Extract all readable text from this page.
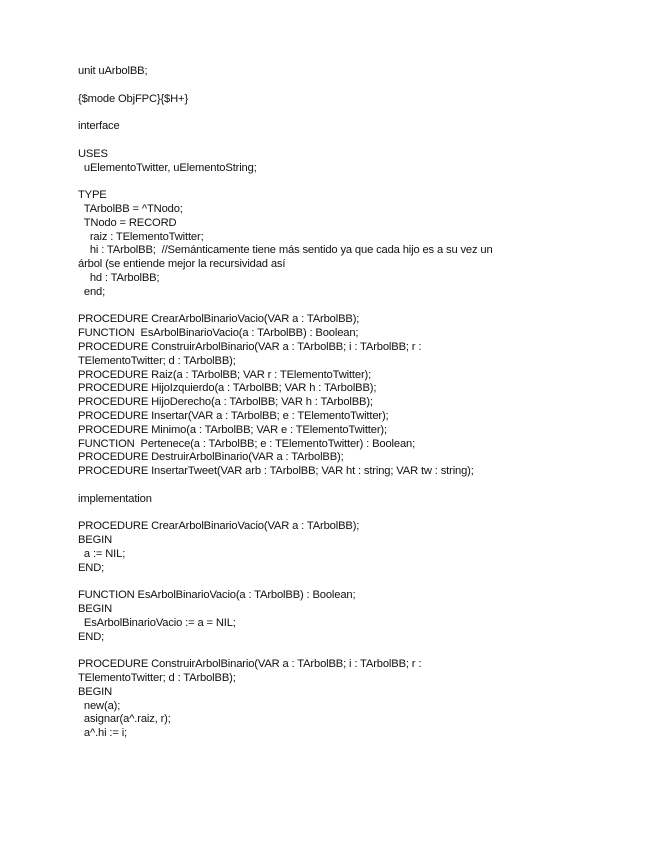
unit uArbolBB;
{$mode ObjFPC}{$H+}
interface
USES
uElementoTwitter, uElementoString;
TYPE
TArbolBB = ^TNodo;
TNodo = RECORD
raiz : TElementoTwitter;
hi : TArbolBB;  //Semánticamente tiene más sentido ya que cada hijo es a su vez un
árbol (se entiende mejor la recursividad así
hd : TArbolBB;
end;
PROCEDURE CrearArbolBinarioVacio(VAR a : TArbolBB);
FUNCTION  EsArbolBinarioVacio(a : TArbolBB) : Boolean;
PROCEDURE ConstruirArbolBinario(VAR a : TArbolBB; i : TArbolBB; r :
TElementoTwitter; d : TArbolBB);
PROCEDURE Raiz(a : TArbolBB; VAR r : TElementoTwitter);
PROCEDURE HijoIzquierdo(a : TArbolBB; VAR h : TArbolBB);
PROCEDURE HijoDerecho(a : TArbolBB; VAR h : TArbolBB);
PROCEDURE Insertar(VAR a : TArbolBB; e : TElementoTwitter);
PROCEDURE Minimo(a : TArbolBB; VAR e : TElementoTwitter);
FUNCTION  Pertenece(a : TArbolBB; e : TElementoTwitter) : Boolean;
PROCEDURE DestruirArbolBinario(VAR a : TArbolBB);
PROCEDURE InsertarTweet(VAR arb : TArbolBB; VAR ht : string; VAR tw : string);
implementation
PROCEDURE CrearArbolBinarioVacio(VAR a : TArbolBB);
BEGIN
a := NIL;
END;
FUNCTION EsArbolBinarioVacio(a : TArbolBB) : Boolean;
BEGIN
EsArbolBinarioVacio := a = NIL;
END;
PROCEDURE ConstruirArbolBinario(VAR a : TArbolBB; i : TArbolBB; r :
TElementoTwitter; d : TArbolBB);
BEGIN
new(a);
asignar(a^.raiz, r);
a^.hi := i;
